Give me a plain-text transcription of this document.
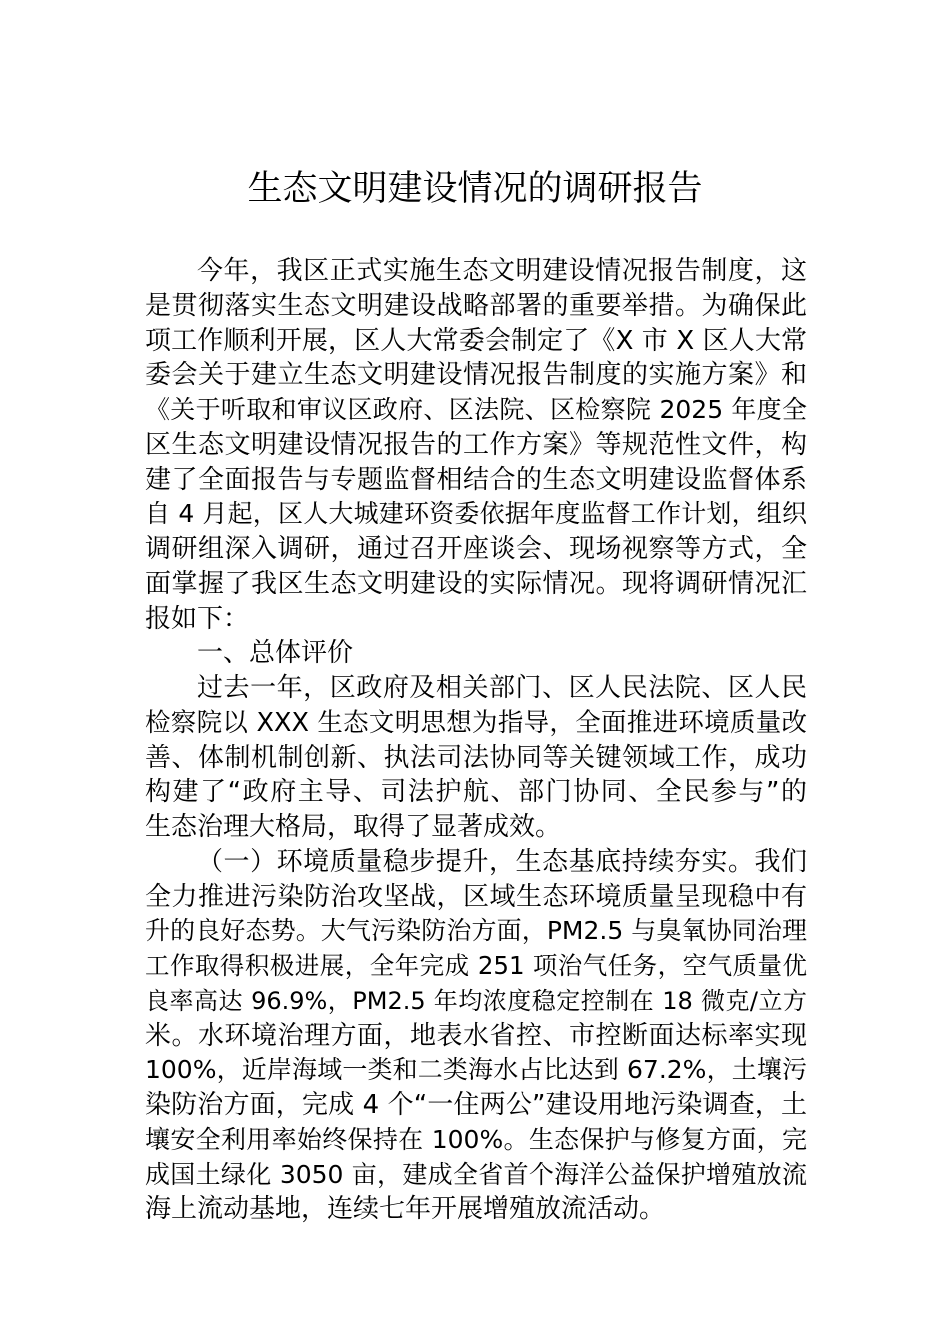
生态文明建设情况的调研报告
今年，我区正式实施生态文明建设情况报告制度，这
是贯彻落实生态文明建设战略部署的重要举措。为确保此
项工作顺利开展，区人大常委会制定了《X 市 X 区人大常
委会关于建立生态文明建设情况报告制度的实施方案》和
《关于听取和审议区政府、区法院、区检察院 2025 年度全
区生态文明建设情况报告的工作方案》等规范性文件，构
建了全面报告与专题监督相结合的生态文明建设监督体系
自 4 月起，区人大城建环资委依据年度监督工作计划，组织
调研组深入调研，通过召开座谈会、现场视察等方式，全
面掌握了我区生态文明建设的实际情况。现将调研情况汇
报如下：
一、总体评价
过去一年，区政府及相关部门、区人民法院、区人民
检察院以 XXX 生态文明思想为指导，全面推进环境质量改
善、体制机制创新、执法司法协同等关键领域工作，成功
构建了“政府主导、司法护航、部门协同、全民参与”的
生态治理大格局，取得了显著成效。
（一）环境质量稳步提升，生态基底持续夯实。我们
全力推进污染防治攻坚战，区域生态环境质量呈现稳中有
升的良好态势。大气污染防治方面，PM2.5 与臭氧协同治理
工作取得积极进展，全年完成 251 项治气任务，空气质量优
良率高达 96.9%，PM2.5 年均浓度稳定控制在 18 微克/立方
米。水环境治理方面，地表水省控、市控断面达标率实现
100%，近岸海域一类和二类海水占比达到 67.2%，土壤污
染防治方面，完成 4 个“一住两公”建设用地污染调查，土
壤安全利用率始终保持在 100%。生态保护与修复方面，完
成国土绿化 3050 亩，建成全省首个海洋公益保护增殖放流
海上流动基地，连续七年开展增殖放流活动。
